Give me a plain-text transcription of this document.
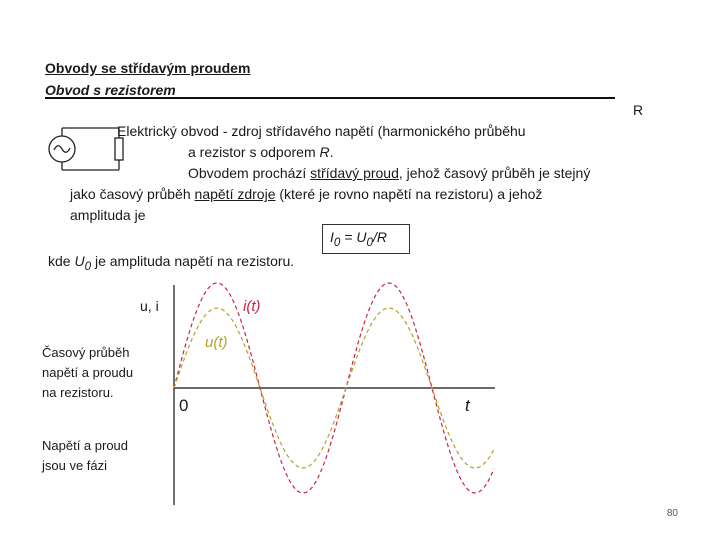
Obvody se střídavým proudem
Obvod s rezistorem
R
Elektrický obvod - zdroj střídavého napětí (harmonického průběhu
a rezistor s odporem R.
Obvodem prochází střídavý proud, jehož časový průběh je stejný
jako časový průběh napětí zdroje (které je rovno napětí na rezistoru) a jehož
amplituda je
$I_0 = U_0/R$
kde $U_0$ je amplituda napětí na rezistoru.
u, i	i(t)
u(t)
0	t
Časový průběh
napětí a proudu
na rezistoru.
Napětí a proud
jsou ve fázi
80
